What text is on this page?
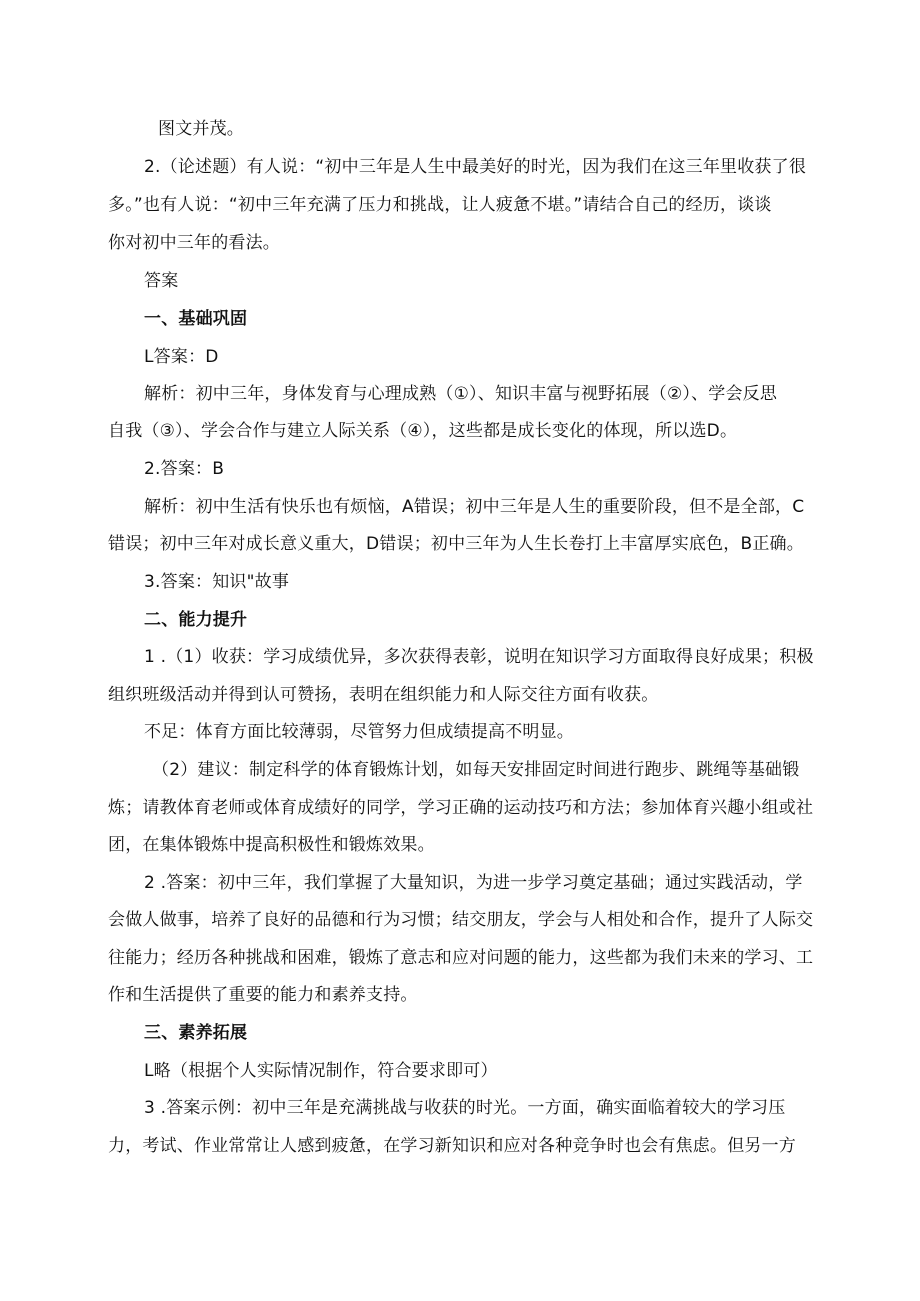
图文并茂。
2.（论述题）有人说：“初中三年是人生中最美好的时光，因为我们在这三年里收获了很
多。”也有人说：“初中三年充满了压力和挑战，让人疲惫不堪。”请结合自己的经历，谈谈
你对初中三年的看法。
答案
一、基础巩固
L答案：D
解析：初中三年，身体发育与心理成熟（①）、知识丰富与视野拓展（②）、学会反思
自我（③）、学会合作与建立人际关系（④），这些都是成长变化的体现，所以选D。
2.答案：B
解析：初中生活有快乐也有烦恼，A错误；初中三年是人生的重要阶段，但不是全部，C
错误；初中三年对成长意义重大，D错误；初中三年为人生长卷打上丰富厚实底色，B正确。
3.答案：知识"故事
二、能力提升
1 .（1）收获：学习成绩优异，多次获得表彰，说明在知识学习方面取得良好成果；积极
组织班级活动并得到认可赞扬，表明在组织能力和人际交往方面有收获。
不足：体育方面比较薄弱，尽管努力但成绩提高不明显。
（2）建议：制定科学的体育锻炼计划，如每天安排固定时间进行跑步、跳绳等基础锻
炼；请教体育老师或体育成绩好的同学，学习正确的运动技巧和方法；参加体育兴趣小组或社
团，在集体锻炼中提高积极性和锻炼效果。
2 .答案：初中三年，我们掌握了大量知识，为进一步学习奠定基础；通过实践活动，学
会做人做事，培养了良好的品德和行为习惯；结交朋友，学会与人相处和合作，提升了人际交
往能力；经历各种挑战和困难，锻炼了意志和应对问题的能力，这些都为我们未来的学习、工
作和生活提供了重要的能力和素养支持。
三、素养拓展
L略（根据个人实际情况制作，符合要求即可）
3 .答案示例：初中三年是充满挑战与收获的时光。一方面，确实面临着较大的学习压
力，考试、作业常常让人感到疲惫，在学习新知识和应对各种竞争时也会有焦虑。但另一方
